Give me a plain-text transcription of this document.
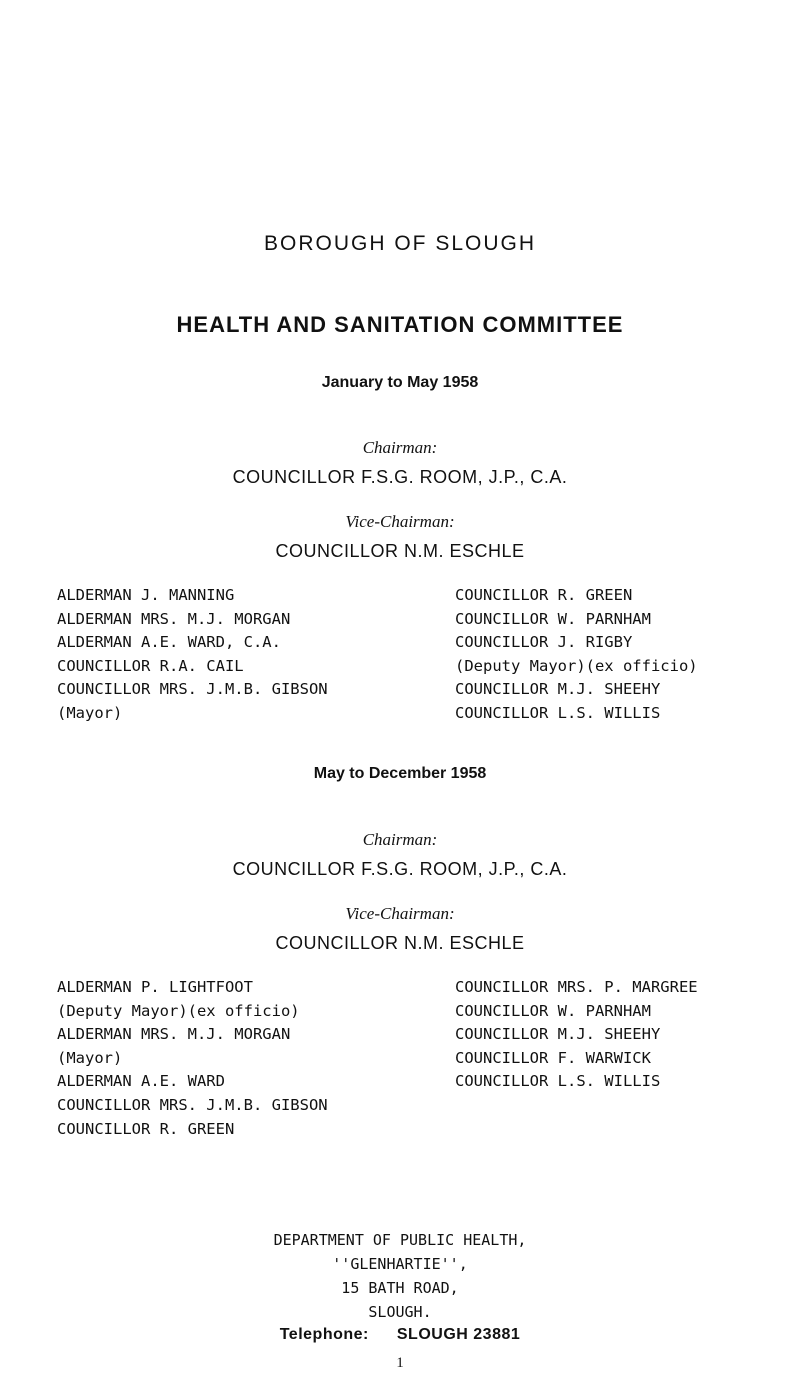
BOROUGH OF SLOUGH
HEALTH AND SANITATION COMMITTEE
January to May 1958
Chairman:
COUNCILLOR F.S.G. ROOM, J.P., C.A.
Vice-Chairman:
COUNCILLOR N.M. ESCHLE
ALDERMAN J. MANNING
ALDERMAN MRS. M.J. MORGAN
ALDERMAN A.E. WARD, C.A.
COUNCILLOR R.A. CAIL
COUNCILLOR MRS. J.M.B. GIBSON
(Mayor)
COUNCILLOR R. GREEN
COUNCILLOR W. PARNHAM
COUNCILLOR J. RIGBY
(Deputy Mayor)(ex officio)
COUNCILLOR M.J. SHEEHY
COUNCILLOR L.S. WILLIS
May to December 1958
Chairman:
COUNCILLOR F.S.G. ROOM, J.P., C.A.
Vice-Chairman:
COUNCILLOR N.M. ESCHLE
ALDERMAN P. LIGHTFOOT
(Deputy Mayor)(ex officio)
ALDERMAN MRS. M.J. MORGAN
(Mayor)
ALDERMAN A.E. WARD
COUNCILLOR MRS. J.M.B. GIBSON
COUNCILLOR R. GREEN
COUNCILLOR MRS. P. MARGREE
COUNCILLOR W. PARNHAM
COUNCILLOR M.J. SHEEHY
COUNCILLOR F. WARWICK
COUNCILLOR L.S. WILLIS
DEPARTMENT OF PUBLIC HEALTH,
''GLENHARTIE'',
15 BATH ROAD,
SLOUGH.
Telephone: SLOUGH 23881
1
